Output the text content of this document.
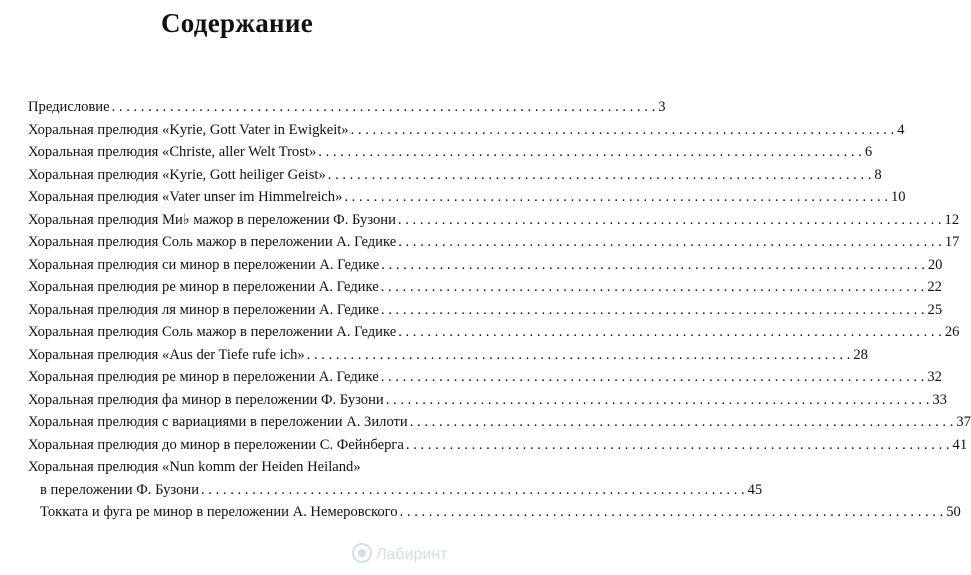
Содержание
Предисловие . . .	3
Хоральная прелюдия «Kyrie, Gott Vater in Ewigkeit» . . .	4
Хоральная прелюдия «Christe, aller Welt Trost» . . .	6
Хоральная прелюдия «Kyrie, Gott heiliger Geist» . . .	8
Хоральная прелюдия «Vater unser im Himmelreich» . . .	10
Хоральная прелюдия Ми♭ мажор в переложении Ф. Бузони . . .	12
Хоральная прелюдия Соль мажор в переложении А. Гедике . . .	17
Хоральная прелюдия си минор в переложении А. Гедике . . .	20
Хоральная прелюдия ре минор в переложении А. Гедике . . .	22
Хоральная прелюдия ля минор в переложении А. Гедике . . .	25
Хоральная прелюдия Соль мажор в переложении А. Гедике . . .	26
Хоральная прелюдия «Aus der Tiefe rufe ich» . . .	28
Хоральная прелюдия ре минор в переложении А. Гедике . . .	32
Хоральная прелюдия фа минор в переложении Ф. Бузони . . .	33
Хоральная прелюдия с вариациями в переложении А. Зилоти . . .	37
Хоральная прелюдия до минор в переложении С. Фейнберга . . .	41
Хоральная прелюдия «Nun komm der Heiden Heiland»
в переложении Ф. Бузони . . .	45
Токката и фуга ре минор в переложении А. Немеровского . . .	50
Лабиринт
